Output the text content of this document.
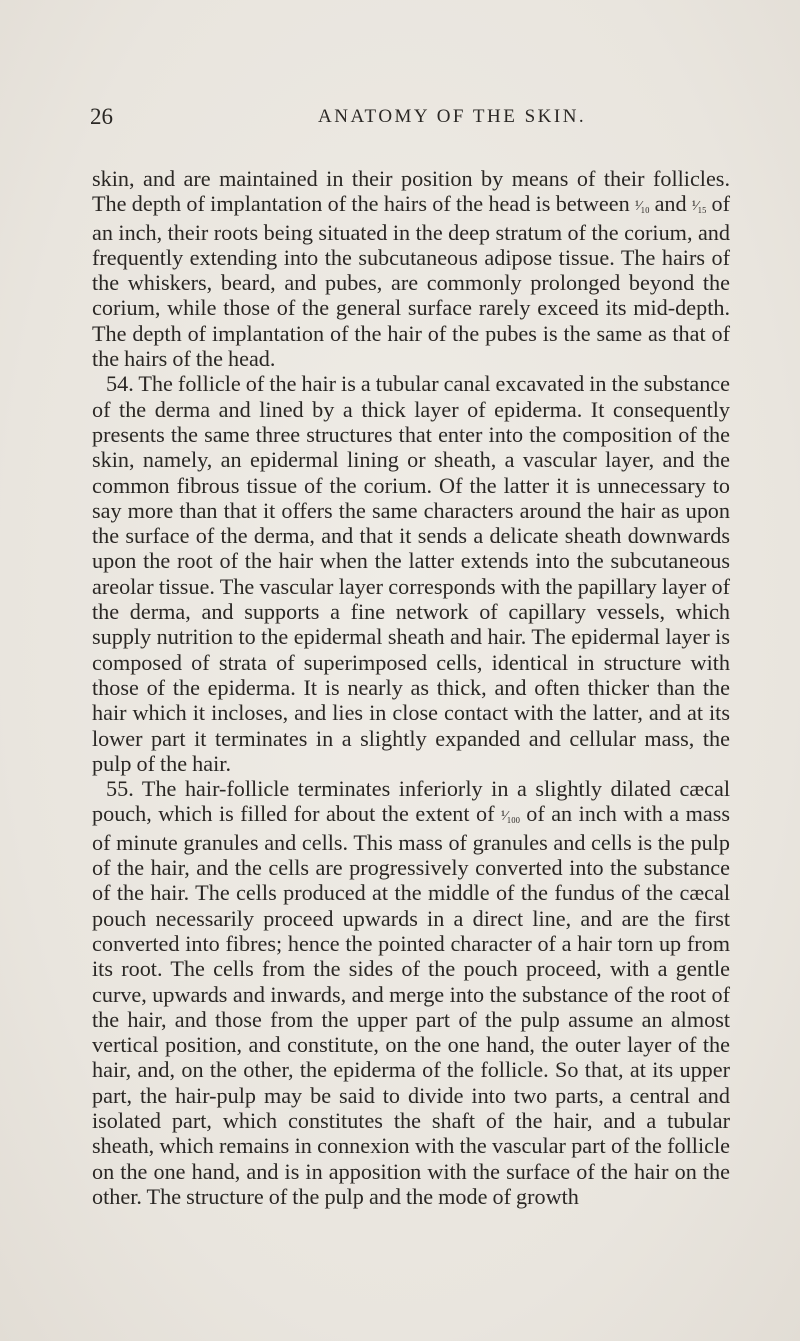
26	ANATOMY OF THE SKIN.

skin, and are maintained in their position by means of their follicles. The depth of implantation of the hairs of the head is between ¹⁄₁₀ and ¹⁄₁₅ of an inch, their roots being situated in the deep stratum of the corium, and frequently extending into the subcutaneous adipose tissue. The hairs of the whiskers, beard, and pubes, are commonly prolonged beyond the corium, while those of the general surface rarely exceed its mid-depth. The depth of implantation of the hair of the pubes is the same as that of the hairs of the head.

54. The follicle of the hair is a tubular canal excavated in the substance of the derma and lined by a thick layer of epiderma. It consequently presents the same three structures that enter into the composition of the skin, namely, an epidermal lining or sheath, a vascular layer, and the common fibrous tissue of the corium. Of the latter it is unnecessary to say more than that it offers the same characters around the hair as upon the surface of the derma, and that it sends a delicate sheath downwards upon the root of the hair when the latter extends into the subcutaneous areolar tissue. The vascular layer corresponds with the papillary layer of the derma, and supports a fine network of capillary vessels, which supply nutrition to the epidermal sheath and hair. The epidermal layer is composed of strata of superimposed cells, identical in structure with those of the epiderma. It is nearly as thick, and often thicker than the hair which it incloses, and lies in close contact with the latter, and at its lower part it terminates in a slightly expanded and cellular mass, the pulp of the hair.

55. The hair-follicle terminates inferiorly in a slightly dilated cæcal pouch, which is filled for about the extent of ¹⁄₁₀₀ of an inch with a mass of minute granules and cells. This mass of granules and cells is the pulp of the hair, and the cells are progressively converted into the substance of the hair. The cells produced at the middle of the fundus of the cæcal pouch necessarily proceed upwards in a direct line, and are the first converted into fibres; hence the pointed character of a hair torn up from its root. The cells from the sides of the pouch proceed, with a gentle curve, upwards and inwards, and merge into the substance of the root of the hair, and those from the upper part of the pulp assume an almost vertical position, and constitute, on the one hand, the outer layer of the hair, and, on the other, the epiderma of the follicle. So that, at its upper part, the hair-pulp may be said to divide into two parts, a central and isolated part, which constitutes the shaft of the hair, and a tubular sheath, which remains in connexion with the vascular part of the follicle on the one hand, and is in apposition with the surface of the hair on the other. The structure of the pulp and the mode of growth
